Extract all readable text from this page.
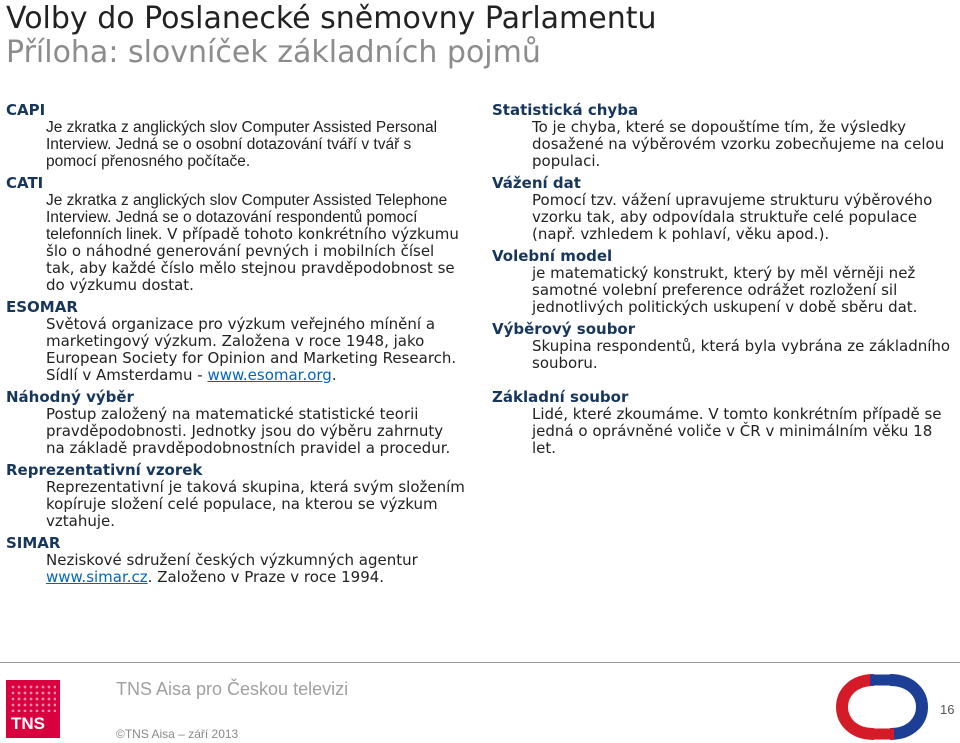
Volby do Poslanecké sněmovny Parlamentu
Příloha: slovníček základních pojmů

CAPI

Je zkratka z anglických slov Computer Assisted Personal Interview. Jedná se o osobní dotazování tváří v tvář s pomocí přenosného počítače.

CATI

Je zkratka z anglických slov Computer Assisted Telephone Interview. Jedná se o dotazování respondentů pomocí telefonních linek. V případě tohoto konkrétního výzkumu šlo o náhodné generování pevných i mobilních čísel tak, aby každé číslo mělo stejnou pravděpodobnost se do výzkumu dostat.

ESOMAR

Světová organizace pro výzkum veřejného mínění a marketingový výzkum. Založena v roce 1948, jako European Society for Opinion and Marketing Research. Sídlí v Amsterdamu - www.esomar.org.

Náhodný výběr

Postup založený na matematické statistické teorii pravděpodobnosti. Jednotky jsou do výběru zahrnuty na základě pravděpodobnostních pravidel a procedur.

Reprezentativní vzorek

Reprezentativní je taková skupina, která svým složením kopíruje složení celé populace, na kterou se výzkum vztahuje.

SIMAR

Neziskové sdružení českých výzkumných agentur www.simar.cz. Založeno v Praze v roce 1994.

Statistická chyba

To je chyba, které se dopouštíme tím, že výsledky dosažené na výběrovém vzorku zobecňujeme na celou populaci.

Vážení dat

Pomocí tzv. vážení upravujeme strukturu výběrového vzorku tak, aby odpovídala struktuře celé populace (např. vzhledem k pohlaví, věku apod.).

Volební model

je matematický konstrukt, který by měl věrněji než samotné volební preference odrážet rozložení sil jednotlivých politických uskupení v době sběru dat.

Výběrový soubor

Skupina respondentů, která byla vybrána ze základního souboru.

Základní soubor

Lidé, které zkoumáme. V tomto konkrétním případě se jedná o oprávněné voliče v ČR v minimálním věku 18 let.

TNS
TNS Aisa pro Českou televizi
©TNS Aisa – září 2013
16
